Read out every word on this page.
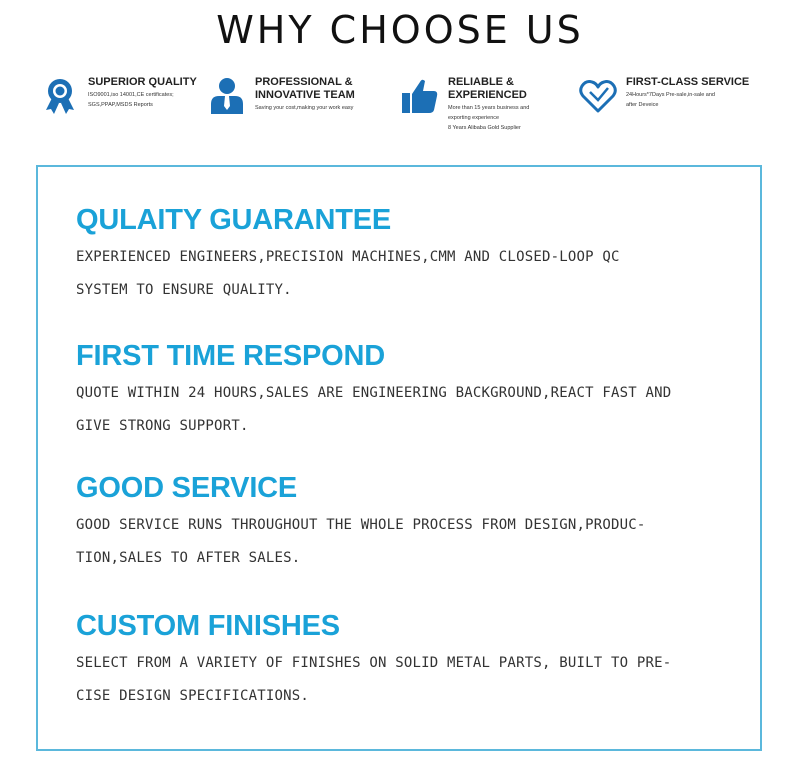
WHY CHOOSE US
SUPERIOR QUALITY
ISO9001,iso 14001,CE certificates;
SGS,PPAP,MSDS Reports
PROFESSIONAL & INNOVATIVE TEAM
Saving your cost,making your work easy
RELIABLE & EXPERIENCED
More than 15 years business and
exporting experience
8 Years Alibaba Gold Supplier
FIRST-CLASS SERVICE
24Hours*7Days Pre-sale,in-sale and
after Deveice
QULAITY GUARANTEE
EXPERIENCED ENGINEERS,PRECISION MACHINES,CMM AND CLOSED-LOOP QC
SYSTEM TO ENSURE QUALITY.
FIRST TIME RESPOND
QUOTE WITHIN 24 HOURS,SALES ARE ENGINEERING BACKGROUND,REACT FAST AND
GIVE STRONG SUPPORT.
GOOD SERVICE
GOOD SERVICE RUNS THROUGHOUT THE WHOLE PROCESS FROM DESIGN,PRODUC-
TION,SALES TO AFTER SALES.
CUSTOM FINISHES
SELECT FROM A VARIETY OF FINISHES ON SOLID METAL PARTS, BUILT TO PRE-
CISE DESIGN SPECIFICATIONS.
